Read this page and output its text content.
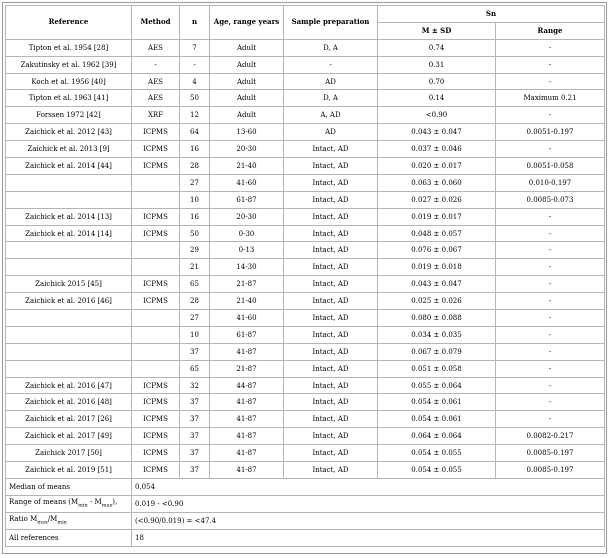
Reference	Method	n	Age, range years	Sample preparation	Sn	
					M ± SD	Range
Tipton et al. 1954 [28]	AES	7	Adult	D, A	0.74	-
Zakutinsky et al. 1962 [39]	-	-	Adult	-	0.31	-
Koch et al. 1956 [40]	AES	4	Adult	AD	0.70	-
Tipton et al. 1963 [41]	AES	50	Adult	D, A	0.14	Maximum 0.21
Forssen 1972 [42]	XRF	12	Adult	A, AD	<0.90	-
Zaichick et al. 2012 [43]	ICPMS	64	13-60	AD	0.043 ± 0.047	0.0051-0.197
Zaichick et al. 2013 [9]	ICPMS	16	20-30	Intact, AD	0.037 ± 0.046	-
Zaichick et al. 2014 [44]	ICPMS	28	21-40	Intact, AD	0.020 ± 0.017	0.0051-0.058
		27	41-60	Intact, AD	0.063 ± 0.060	0.010-0.197
		10	61-87	Intact, AD	0.027 ± 0.026	0.0085-0.073
Zaichick et al. 2014 [13]	ICPMS	16	20-30	Intact, AD	0.019 ± 0.017	-
Zaichick et al. 2014 [14]	ICPMS	50	0-30	Intact, AD	0.048 ± 0.057	-
		29	0-13	Intact, AD	0.076 ± 0.067	-
		21	14-30	Intact, AD	0.019 ± 0.018	-
Zaichick 2015 [45]	ICPMS	65	21-87	Intact, AD	0.043 ± 0.047	-
Zaichick et al. 2016 [46]	ICPMS	28	21-40	Intact, AD	0.025 ± 0.026	-
		27	41-60	Intact, AD	0.080 ± 0.088	-
		10	61-87	Intact, AD	0.034 ± 0.035	-
		37	41-87	Intact, AD	0.067 ± 0.079	-
		65	21-87	Intact, AD	0.051 ± 0.058	-
Zaichick et al. 2016 [47]	ICPMS	32	44-87	Intact, AD	0.055 ± 0.064	-
Zaichick et al. 2016 [48]	ICPMS	37	41-87	Intact, AD	0.054 ± 0.061	-
Zaichick et al. 2017 [26]	ICPMS	37	41-87	Intact, AD	0.054 ± 0.061	-
Zaichick et al. 2017 [49]	ICPMS	37	41-87	Intact, AD	0.064 ± 0.064	0.0082-0.217
Zaichick 2017 [50]	ICPMS	37	41-87	Intact, AD	0.054 ± 0.055	0.0085-0.197
Zaichick et al. 2019 [51]	ICPMS	37	41-87	Intact, AD	0.054 ± 0.055	0.0085-0.197
Median of means	0.054					
Range of means $(M_{min} - M_{max})$,	0.019 - <0.90					
Ratio $M_{max}/M_{min}$	(<0.90/0.019) = <47.4					
All references	18					
